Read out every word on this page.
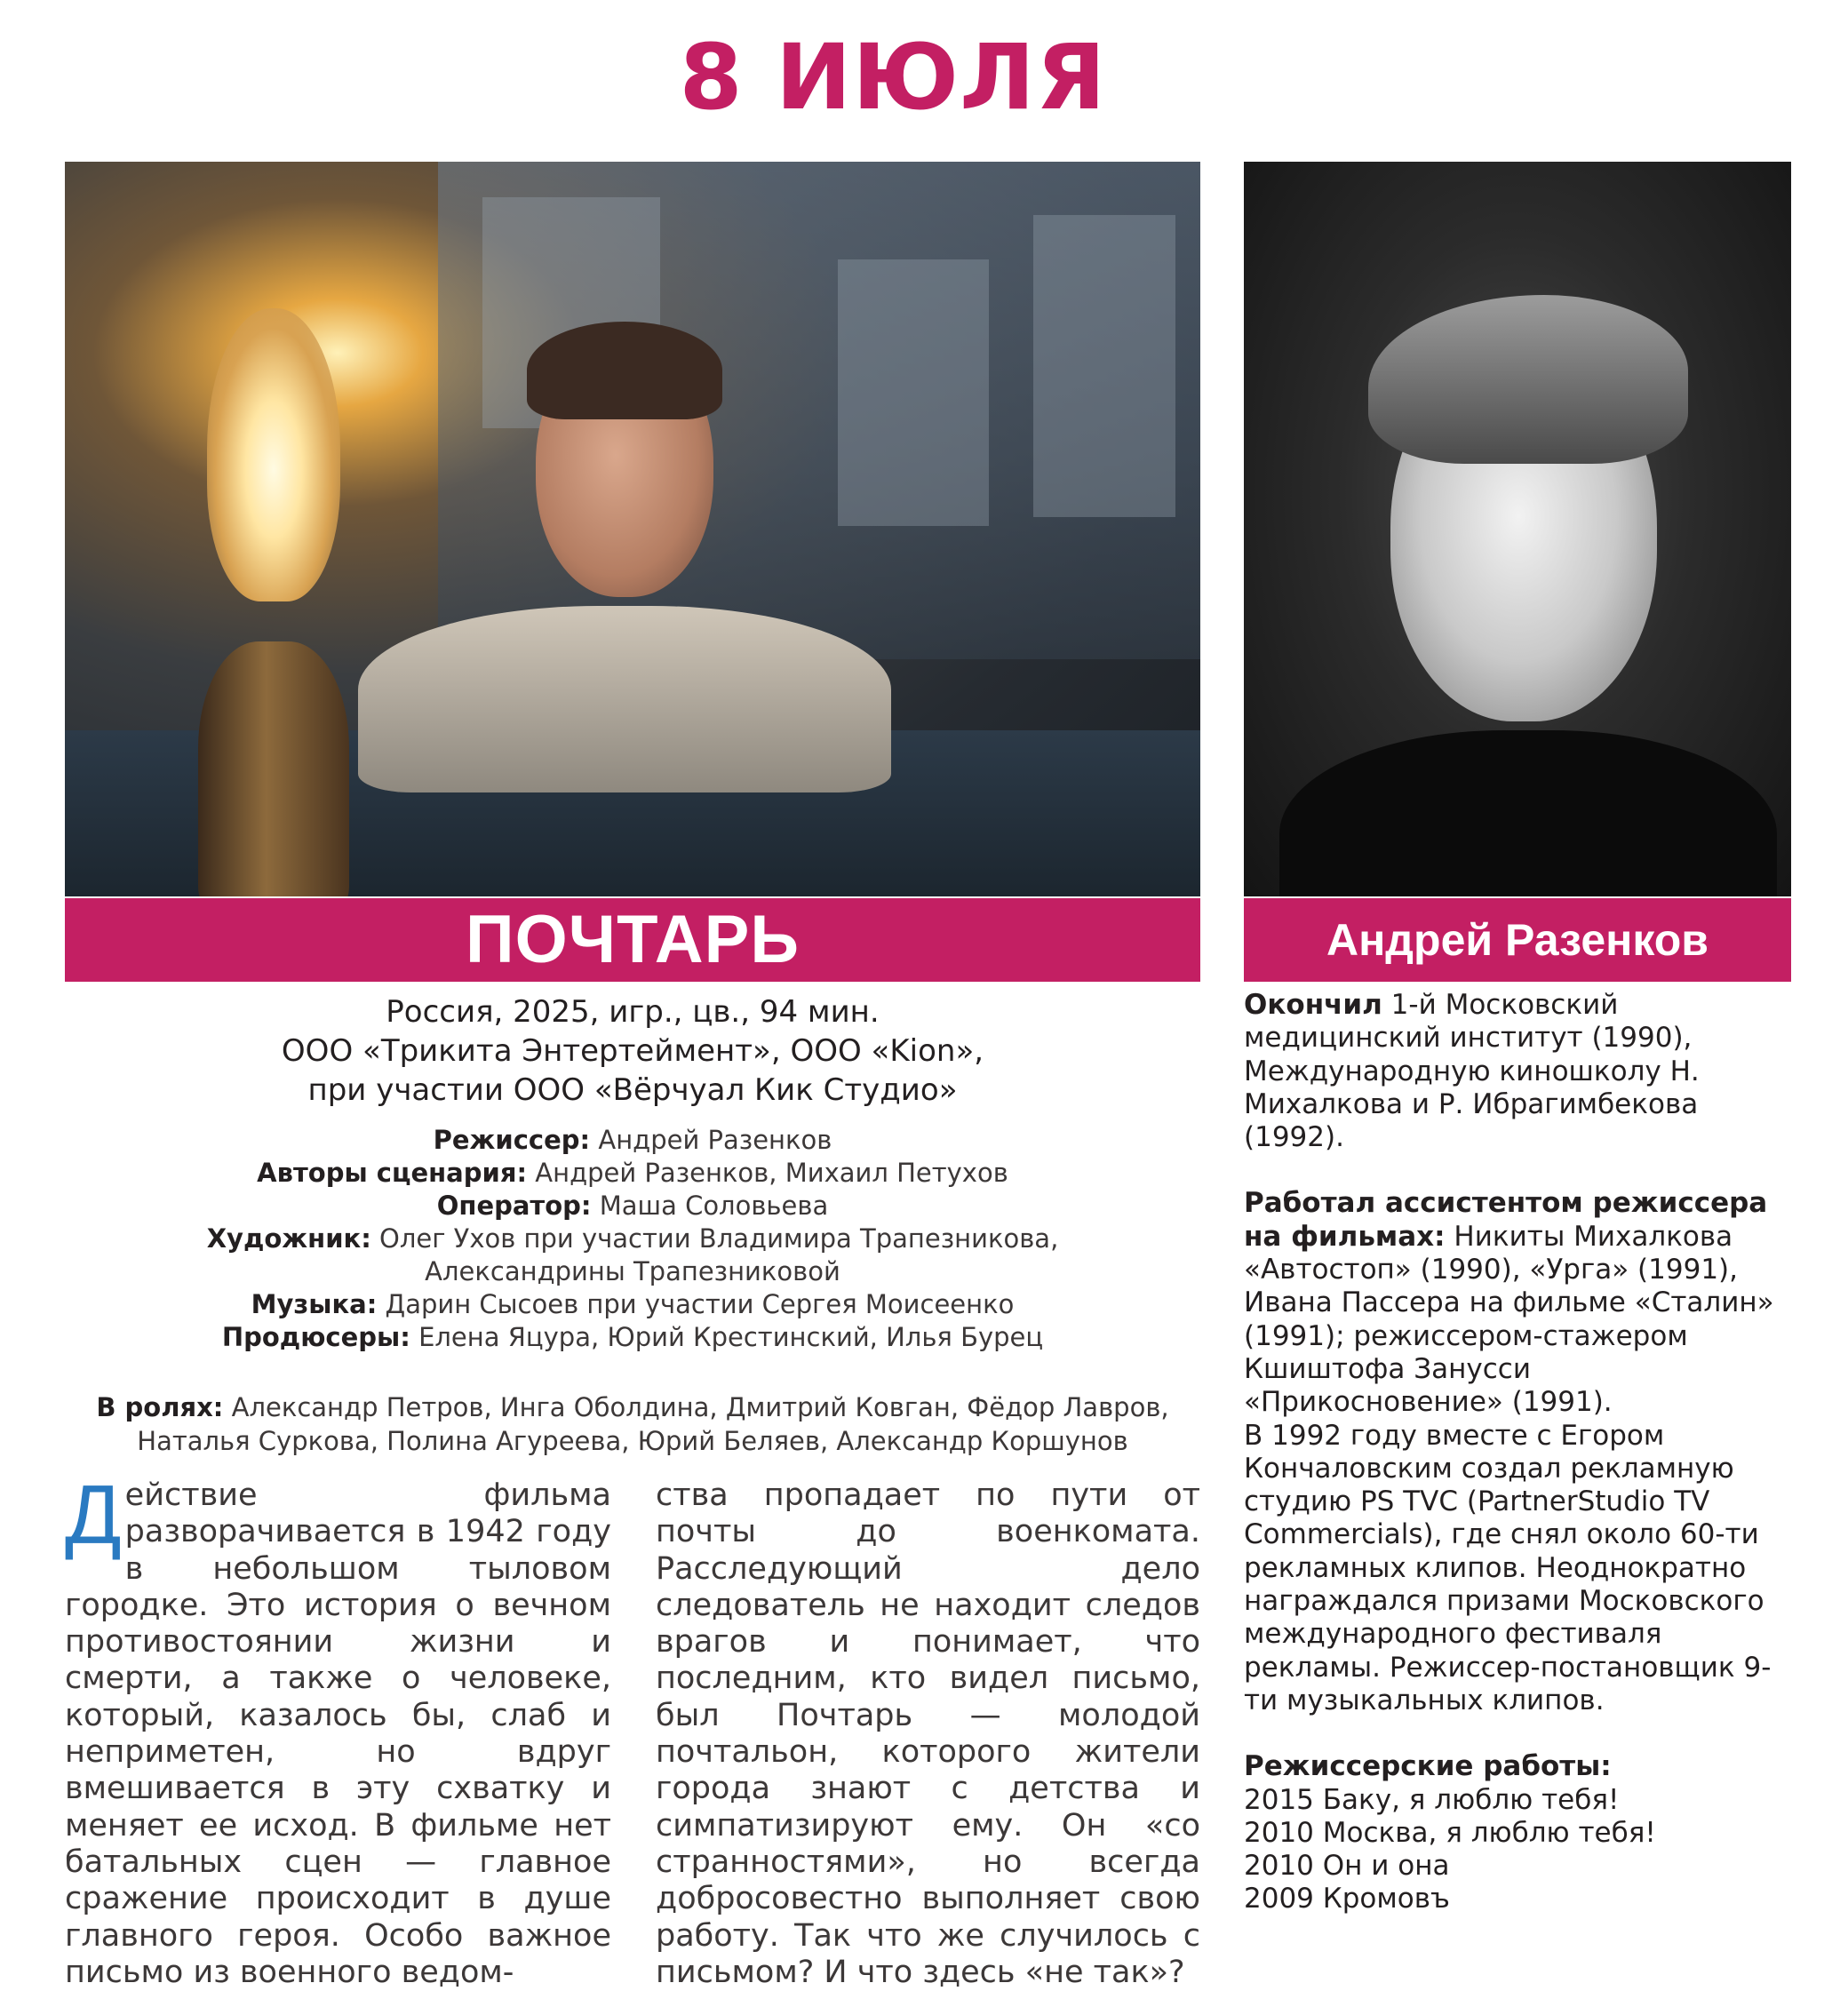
8 ИЮЛЯ
ПОЧТАРЬ	Андрей Разенков
Россия, 2025, игр., цв., 94 мин.
ООО «Трикита Энтертеймент», ООО «Kion»,
при участии ООО «Вёрчуал Кик Студио»
Режиссер: Андрей Разенков
Авторы сценария: Андрей Разенков, Михаил Петухов
Оператор: Маша Соловьева
Художник: Олег Ухов при участии Владимира Трапезникова,
Александрины Трапезниковой
Музыка: Дарин Сысоев при участии Сергея Моисеенко
Продюсеры: Елена Яцура, Юрий Крестинский, Илья Бурец
В ролях: Александр Петров, Инга Оболдина, Дмитрий Ковган, Фёдор Лавров,
Наталья Суркова, Полина Агуреева, Юрий Беляев, Александр Коршунов
Действие фильма разворачивается в 1942 году в небольшом тыловом городке. Это история о вечном противостоянии жизни и смерти, а также о человеке, который, казалось бы, слаб и неприметен, но вдруг вмешивается в эту схватку и меняет ее исход. В фильме нет батальных сцен — главное сражение происходит в душе главного героя. Особо важное письмо из военного ведом-
ства пропадает по пути от почты до военкомата. Расследующий дело следователь не находит следов врагов и понимает, что последним, кто видел письмо, был Почтарь — молодой почтальон, которого жители города знают с детства и симпатизируют ему. Он «со странностями», но всегда добросовестно выполняет свою работу. Так что же случилось с письмом? И что здесь «не так»?

Окончил 1-й Московский медицинский институт (1990), Международную киношколу Н. Михалкова и Р. Ибрагимбекова (1992).

Работал ассистентом режиссера на фильмах: Никиты Михалкова «Автостоп» (1990), «Урга» (1991), Ивана Пассера на фильме «Сталин» (1991); режиссером-стажером Кшиштофа Занусси «Прикосновение» (1991).

В 1992 году вместе с Егором Кончаловским создал рекламную студию PS TVC (PartnerStudio TV Commercials), где снял около 60-ти рекламных клипов. Неоднократно награждался призами Московского международного фестиваля рекламы. Режиссер-постановщик 9-ти музыкальных клипов.

Режиссерские работы:

2015 Баку, я люблю тебя!

2010 Москва, я люблю тебя!

2010 Он и она

2009 Кромовъ
